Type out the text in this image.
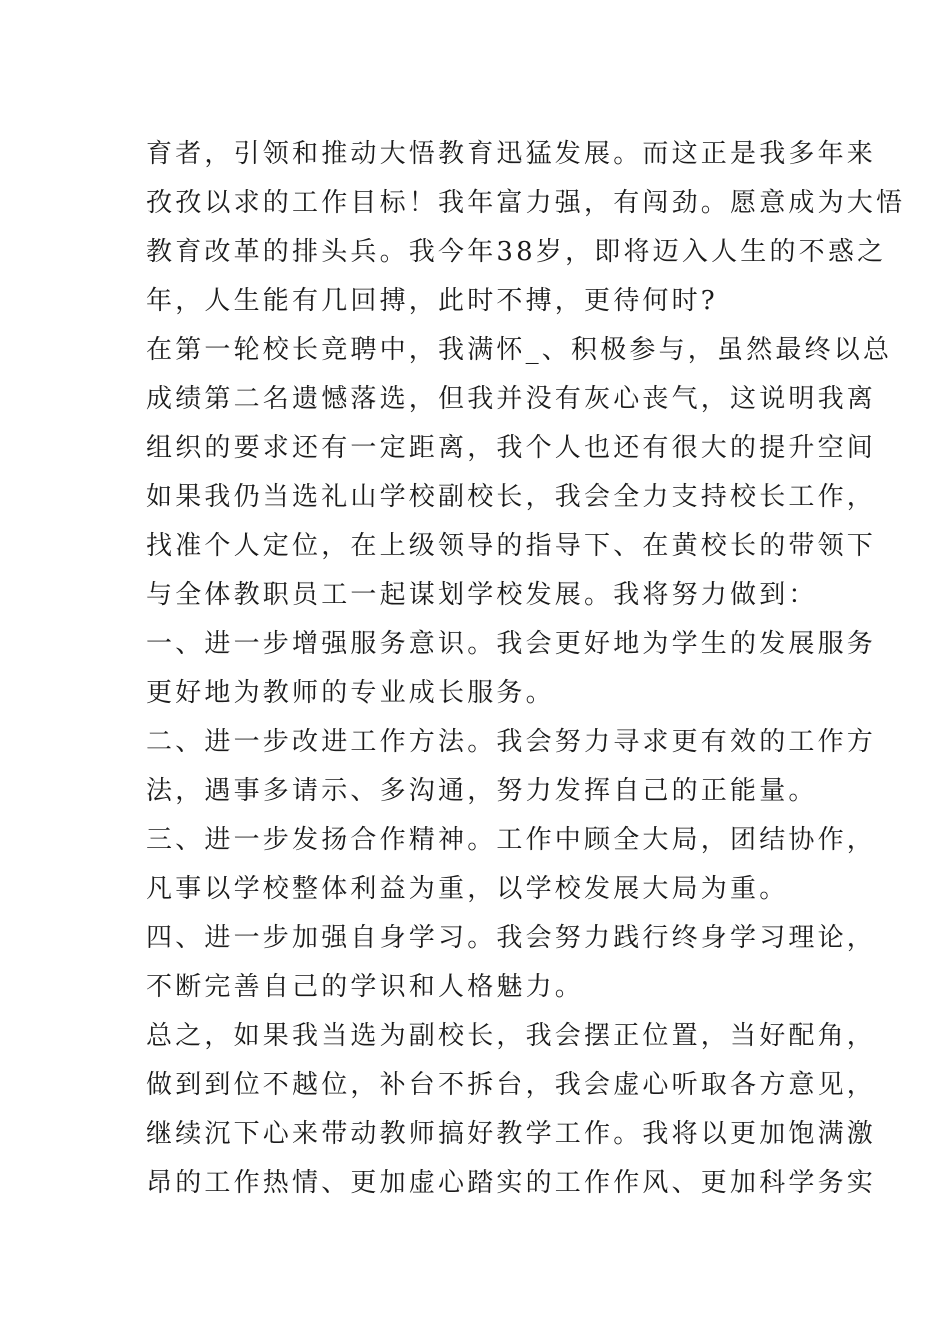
育者，引领和推动大悟教育迅猛发展。而这正是我多年来
孜孜以求的工作目标！我年富力强，有闯劲。愿意成为大悟
教育改革的排头兵。我今年38岁，即将迈入人生的不惑之
年，人生能有几回搏，此时不搏，更待何时?
在第一轮校长竞聘中，我满怀_、积极参与，虽然最终以总
成绩第二名遗憾落选，但我并没有灰心丧气，这说明我离
组织的要求还有一定距离，我个人也还有很大的提升空间
如果我仍当选礼山学校副校长，我会全力支持校长工作，
找准个人定位，在上级领导的指导下、在黄校长的带领下
与全体教职员工一起谋划学校发展。我将努力做到：
一、进一步增强服务意识。我会更好地为学生的发展服务
更好地为教师的专业成长服务。
二、进一步改进工作方法。我会努力寻求更有效的工作方
法，遇事多请示、多沟通，努力发挥自己的正能量。
三、进一步发扬合作精神。工作中顾全大局，团结协作，
凡事以学校整体利益为重，以学校发展大局为重。
四、进一步加强自身学习。我会努力践行终身学习理论，
不断完善自己的学识和人格魅力。
总之，如果我当选为副校长，我会摆正位置，当好配角，
做到到位不越位，补台不拆台，我会虚心听取各方意见，
继续沉下心来带动教师搞好教学工作。我将以更加饱满激
昂的工作热情、更加虚心踏实的工作作风、更加科学务实
